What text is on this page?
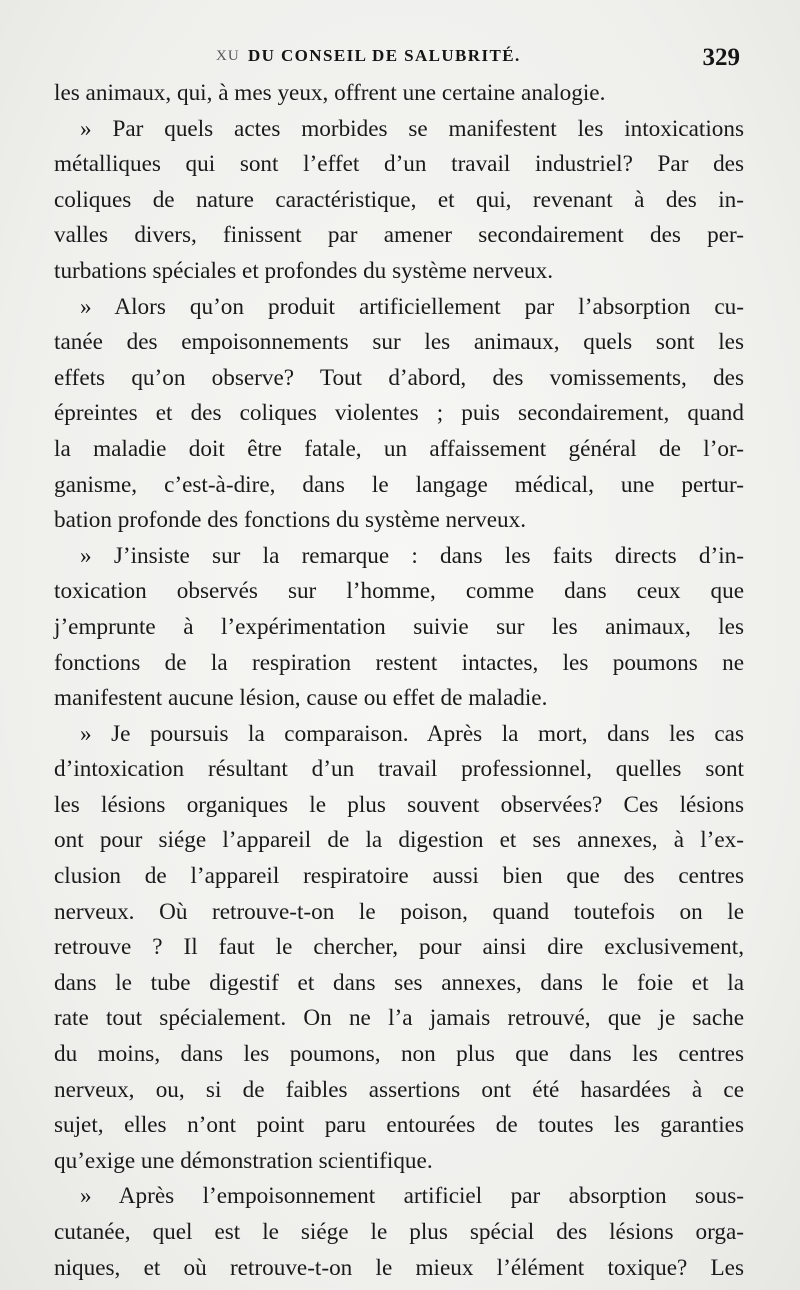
XU DU CONSEIL DE SALUBRITÉ.	329
les animaux, qui, à mes yeux, offrent une certaine analogie.
» Par quels actes morbides se manifestent les intoxications
métalliques qui sont l’effet d’un travail industriel? Par des
coliques de nature caractéristique, et qui, revenant à des in-
valles divers, finissent par amener secondairement des per-
turbations spéciales et profondes du système nerveux.
» Alors qu’on produit artificiellement par l’absorption cu-
tanée des empoisonnements sur les animaux, quels sont les
effets qu’on observe? Tout d’abord, des vomissements, des
épreintes et des coliques violentes ; puis secondairement, quand
la maladie doit être fatale, un affaissement général de l’or-
ganisme, c’est-à-dire, dans le langage médical, une pertur-
bation profonde des fonctions du système nerveux.
» J’insiste sur la remarque : dans les faits directs d’in-
toxication observés sur l’homme, comme dans ceux que
j’emprunte à l’expérimentation suivie sur les animaux, les
fonctions de la respiration restent intactes, les poumons ne
manifestent aucune lésion, cause ou effet de maladie.
» Je poursuis la comparaison. Après la mort, dans les cas
d’intoxication résultant d’un travail professionnel, quelles sont
les lésions organiques le plus souvent observées? Ces lésions
ont pour siége l’appareil de la digestion et ses annexes, à l’ex-
clusion de l’appareil respiratoire aussi bien que des centres
nerveux. Où retrouve-t-on le poison, quand toutefois on le
retrouve ? Il faut le chercher, pour ainsi dire exclusivement,
dans le tube digestif et dans ses annexes, dans le foie et la
rate tout spécialement. On ne l’a jamais retrouvé, que je sache
du moins, dans les poumons, non plus que dans les centres
nerveux, ou, si de faibles assertions ont été hasardées à ce
sujet, elles n’ont point paru entourées de toutes les garanties
qu’exige une démonstration scientifique.
» Après l’empoisonnement artificiel par absorption sous-
cutanée, quel est le siége le plus spécial des lésions orga-
niques, et où retrouve-t-on le mieux l’élément toxique? Les
